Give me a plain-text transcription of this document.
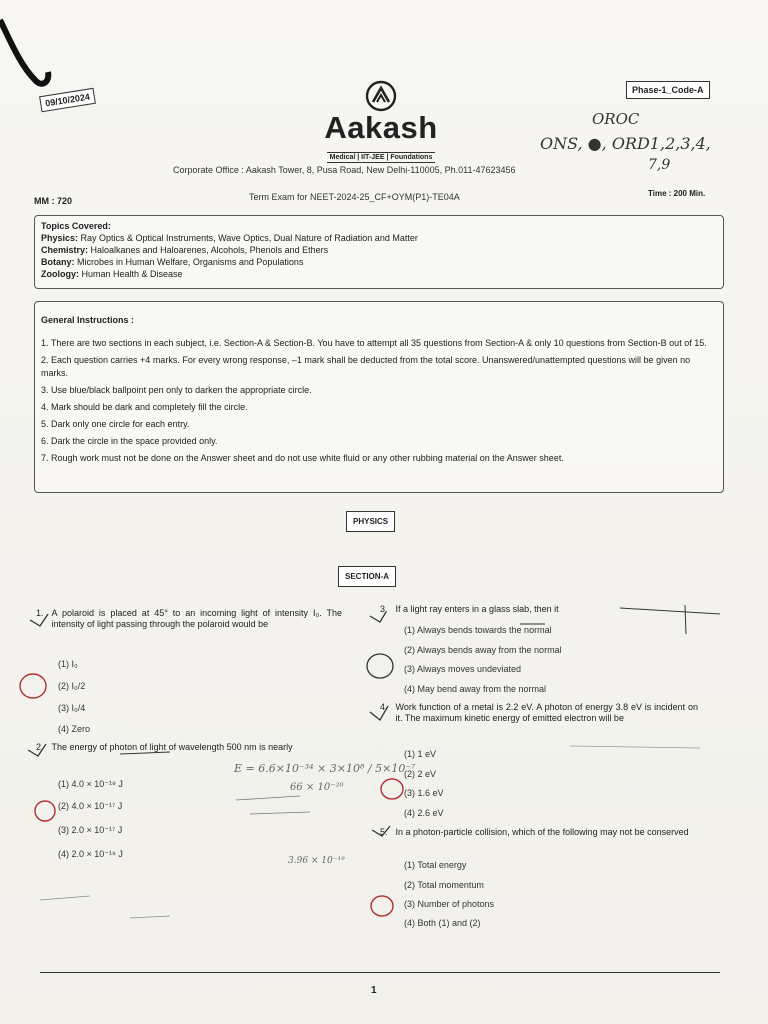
09/10/2024
Phase-1_Code-A
Aakash
Medical | IIT-JEE | Foundations
OROC
ONS, ●, ORD1,2,3,4,
7,9
Corporate Office : Aakash Tower, 8, Pusa Road, New Delhi-110005, Ph.011-47623456
MM : 720	Term Exam for NEET-2024-25_CF+OYM(P1)-TE04A	Time : 200 Min.
Topics Covered:
Physics: Ray Optics & Optical Instruments, Wave Optics, Dual Nature of Radiation and Matter
Chemistry: Haloalkanes and Haloarenes, Alcohols, Phenols and Ethers
Botany: Microbes in Human Welfare, Organisms and Populations
Zoology: Human Health & Disease
General Instructions :
1. There are two sections in each subject, i.e. Section-A & Section-B. You have to attempt all 35 questions from Section-A & only 10 questions from Section-B out of 15.
2. Each question carries +4 marks. For every wrong response, –1 mark shall be deducted from the total score. Unanswered/unattempted questions will be given no marks.
3. Use blue/black ballpoint pen only to darken the appropriate circle.
4. Mark should be dark and completely fill the circle.
5. Dark only one circle for each entry.
6. Dark the circle in the space provided only.
7. Rough work must not be done on the Answer sheet and do not use white fluid or any other rubbing material on the Answer sheet.
PHYSICS
SECTION-A
1. A polaroid is placed at 45° to an incoming light of intensity I₀. The intensity of light passing through the polaroid would be
(1) I₀
(2) I₀/2
(3) I₀/4
(4) Zero
2. The energy of photon of light of wavelength 500 nm is nearly
(1) 4.0 × 10⁻¹⁹ J
(2) 4.0 × 10⁻¹⁷ J
(3) 2.0 × 10⁻¹⁷ J
(4) 2.0 × 10⁻¹⁹ J
3. If a light ray enters in a glass slab, then it
(1) Always bends towards the normal
(2) Always bends away from the normal
(3) Always moves undeviated
(4) May bend away from the normal
4. Work function of a metal is 2.2 eV. A photon of energy 3.8 eV is incident on it. The maximum kinetic energy of emitted electron will be
(1) 1 eV
(2) 2 eV
(3) 1.6 eV
(4) 2.6 eV
5. In a photon-particle collision, which of the following may not be conserved
(1) Total energy
(2) Total momentum
(3) Number of photons
(4) Both (1) and (2)
E = 6.6×10⁻³⁴ × 3×10⁸ / 5×10⁻⁷
66 × 10⁻²⁰
3.96 × 10⁻¹⁹
1
